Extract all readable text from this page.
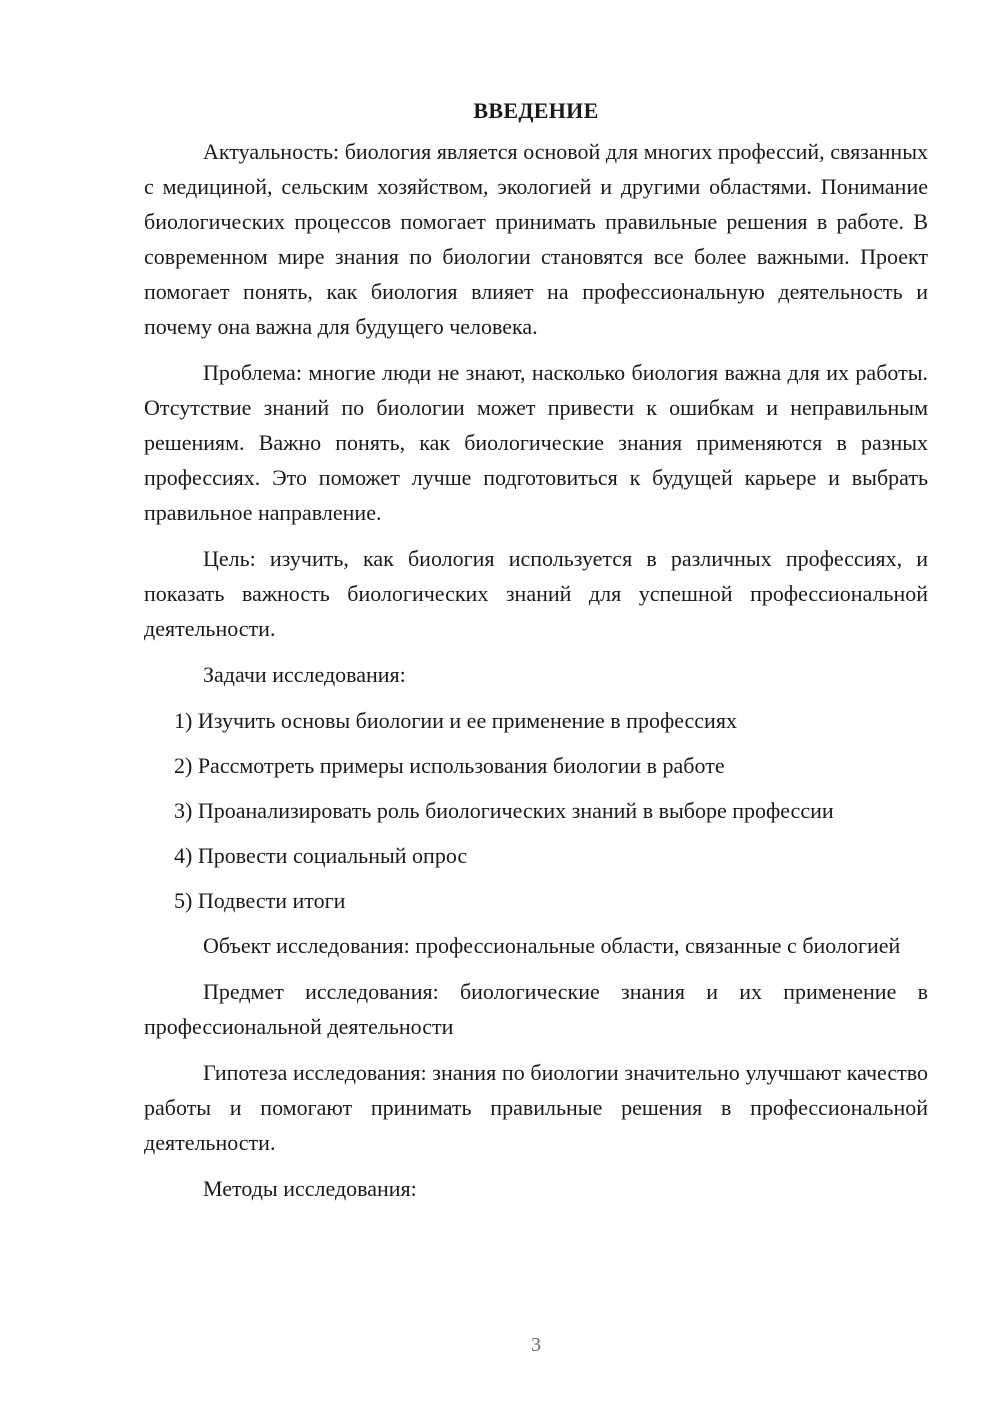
ВВЕДЕНИЕ

Актуальность: биология является основой для многих профессий, связанных с медициной, сельским хозяйством, экологией и другими областями. Понимание биологических процессов помогает принимать правильные решения в работе. В современном мире знания по биологии становятся все более важными. Проект помогает понять, как биология влияет на профессиональную деятельность и почему она важна для будущего человека.

Проблема: многие люди не знают, насколько биология важна для их работы. Отсутствие знаний по биологии может привести к ошибкам и неправильным решениям. Важно понять, как биологические знания применяются в разных профессиях. Это поможет лучше подготовиться к будущей карьере и выбрать правильное направление.

Цель: изучить, как биология используется в различных профессиях, и показать важность биологических знаний для успешной профессиональной деятельности.

Задачи исследования:

1) Изучить основы биологии и ее применение в профессиях
2) Рассмотреть примеры использования биологии в работе
3) Проанализировать роль биологических знаний в выборе профессии
4) Провести социальный опрос
5) Подвести итоги

Объект исследования: профессиональные области, связанные с биологией

Предмет исследования: биологические знания и их применение в профессиональной деятельности

Гипотеза исследования: знания по биологии значительно улучшают качество работы и помогают принимать правильные решения в профессиональной деятельности.

Методы исследования:

3
